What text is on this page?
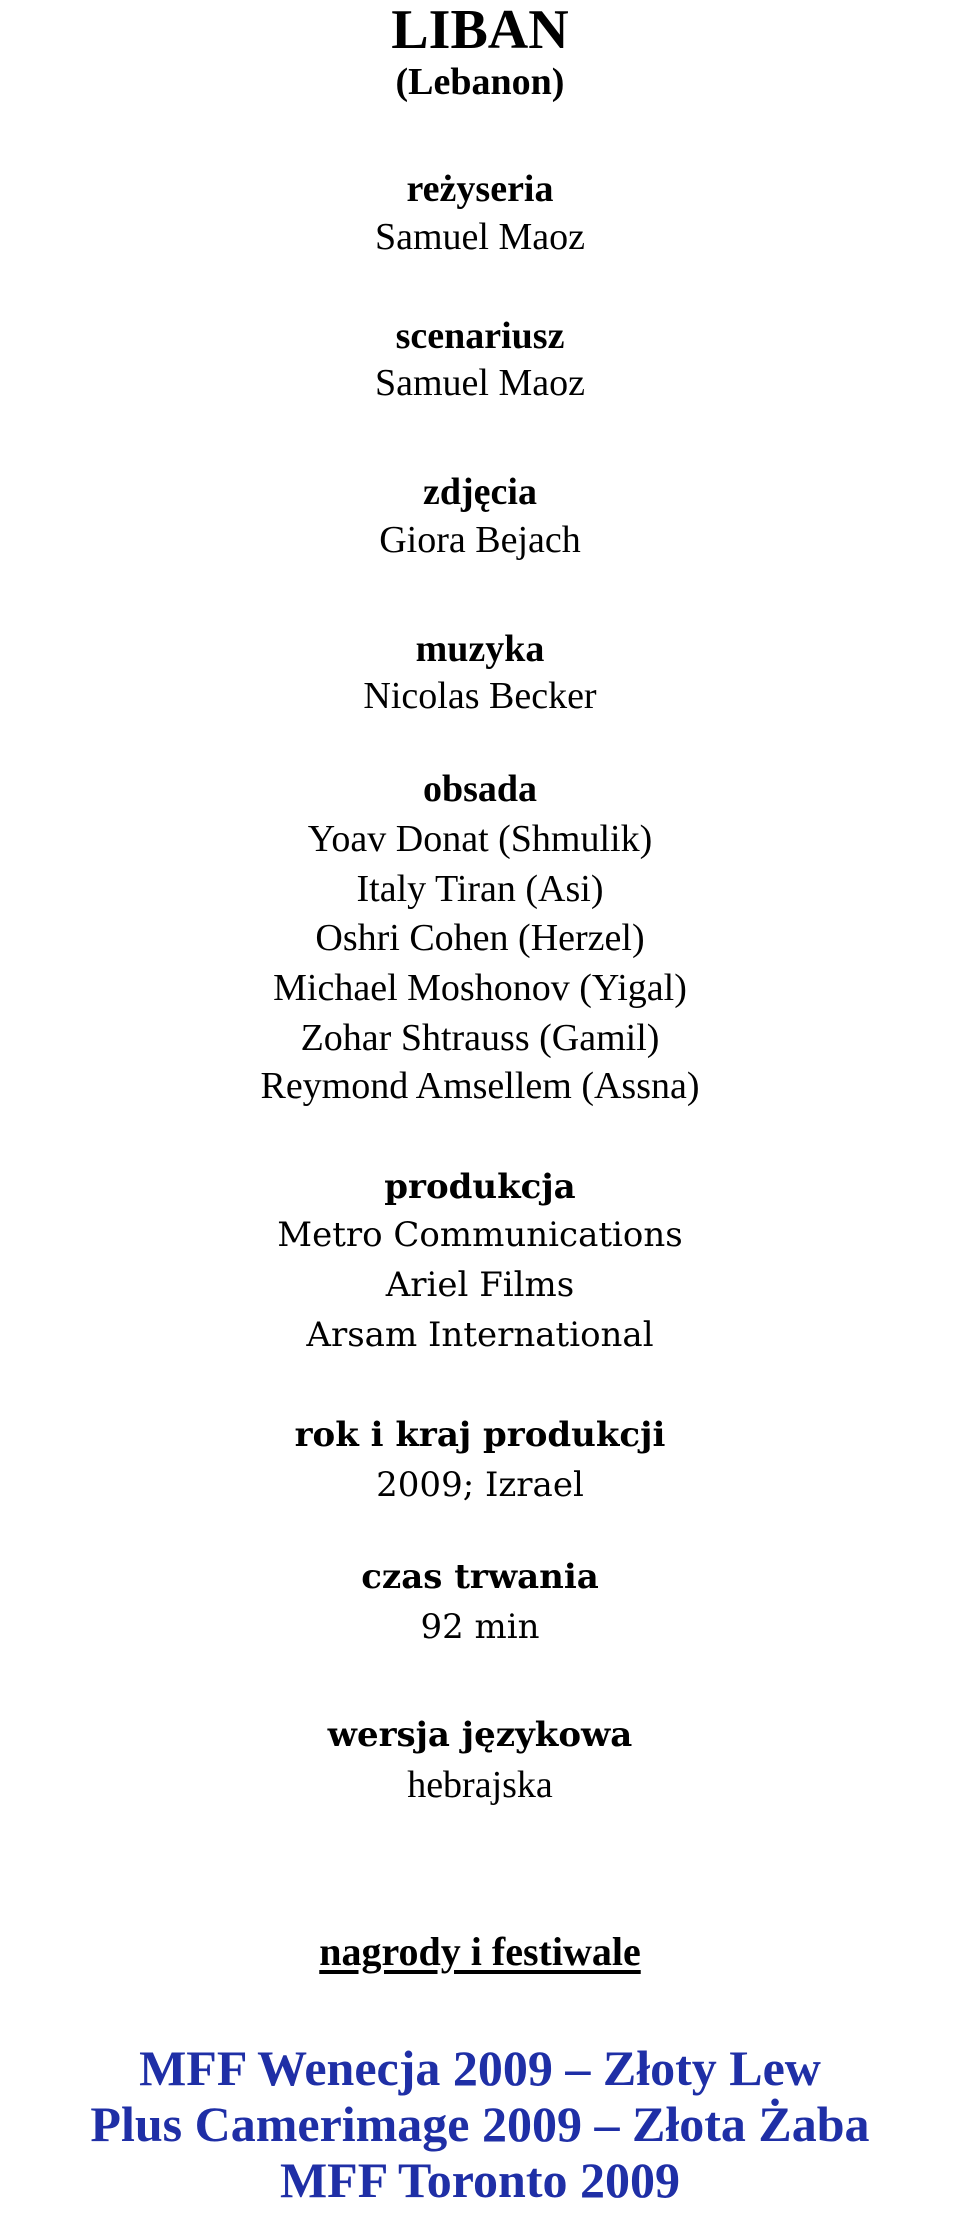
LIBAN
(Lebanon)
reżyseria
Samuel Maoz
scenariusz
Samuel Maoz
zdjęcia
Giora Bejach
muzyka
Nicolas Becker
obsada
Yoav Donat (Shmulik)
Italy Tiran (Asi)
Oshri Cohen (Herzel)
Michael Moshonov (Yigal)
Zohar Shtrauss (Gamil)
Reymond Amsellem (Assna)
produkcja
Metro Communications
Ariel Films
Arsam International
rok i kraj produkcji
2009; Izrael
czas trwania
92 min
wersja językowa
hebrajska
nagrody i festiwale
MFF Wenecja 2009 – Złoty Lew
Plus Camerimage 2009 – Złota Żaba
MFF Toronto 2009
